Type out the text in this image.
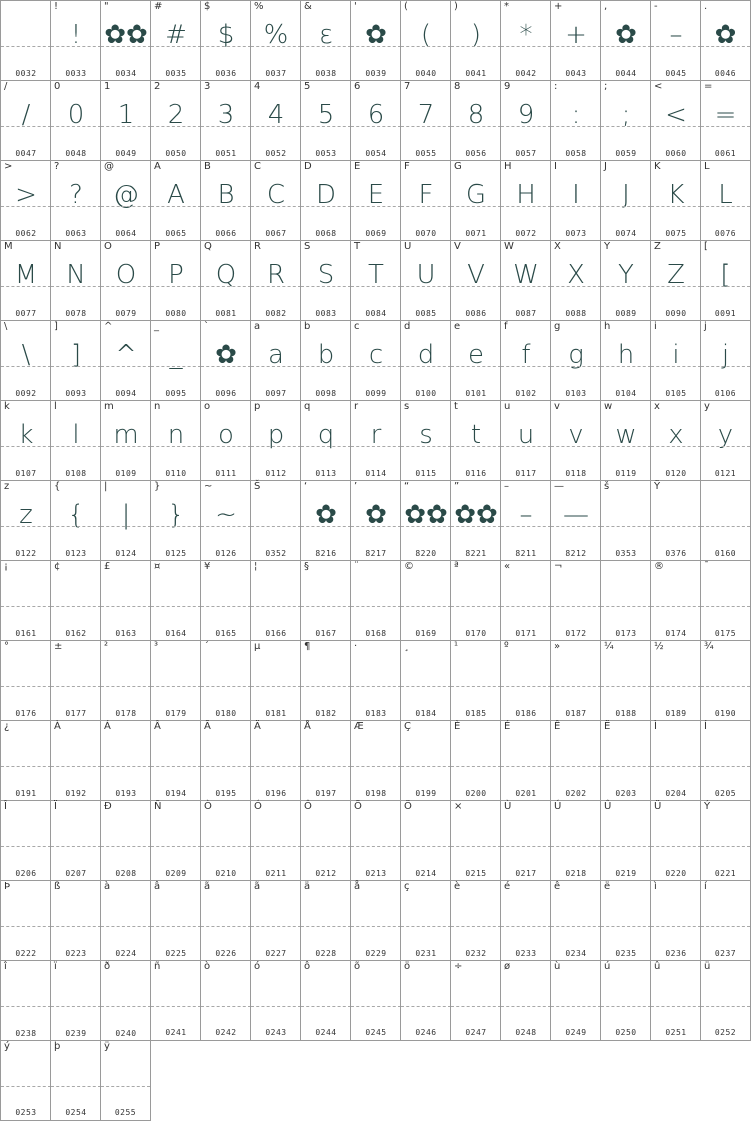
0032
!
!
0033
"
✿✿
0034
#
#
0035
$
$
0036
%
%
0037
&
ε
0038
'
✿
0039
(
(
0040
)
)
0041
*
*
0042
+
+
0043
,
✿
0044
-
–
0045
.
✿
0046
/
/
0047
0
0
0048
1
1
0049
2
2
0050
3
3
0051
4
4
0052
5
5
0053
6
6
0054
7
7
0055
8
8
0056
9
9
0057
:
:
0058
;
;
0059
<
<
0060
=
=
0061
>
>
0062
?
?
0063
@
@
0064
A
A
0065
B
B
0066
C
C
0067
D
D
0068
E
E
0069
F
F
0070
G
G
0071
H
H
0072
I
I
0073
J
J
0074
K
K
0075
L
L
0076
M
M
0077
N
N
0078
O
O
0079
P
P
0080
Q
Q
0081
R
R
0082
S
S
0083
T
T
0084
U
U
0085
V
V
0086
W
W
0087
X
X
0088
Y
Y
0089
Z
Z
0090
[
[
0091
\
\
0092
]
]
0093
^
^
0094
_
_
0095
`
✿
0096
a
a
0097
b
b
0098
c
c
0099
d
d
0100
e
e
0101
f
f
0102
g
g
0103
h
h
0104
i
i
0105
j
j
0106
k
k
0107
l
l
0108
m
m
0109
n
n
0110
o
o
0111
p
p
0112
q
q
0113
r
r
0114
s
s
0115
t
t
0116
u
u
0117
v
v
0118
w
w
0119
x
x
0120
y
y
0121
z
z
0122
{
{
0123
|
|
0124
}
}
0125
~
~
0126
Š
0352
‘
✿
8216
’
✿
8217
“
✿✿
8220
”
✿✿
8221
–
–
8211
—
—
8212
š
0353
Ÿ
0376	0160
¡
0161
¢
0162
£
0163
¤
0164
¥
0165
¦
0166
§
0167
¨
0168
©
0169
ª
0170
«
0171
¬
0172	0173
®
0174
¯
0175
°
0176
±
0177
²
0178
³
0179
´
0180
µ
0181
¶
0182
·
0183
¸
0184
¹
0185
º
0186
»
0187
¼
0188
½
0189
¾
0190
¿
0191
À
0192
Á
0193
Â
0194
Ã
0195
Ä
0196
Å
0197
Æ
0198
Ç
0199
È
0200
É
0201
Ê
0202
Ë
0203
Ì
0204
Í
0205
Î
0206
Ï
0207
Ð
0208
Ñ
0209
Ò
0210
Ó
0211
Ô
0212
Õ
0213
Ö
0214
×
0215
Ù
0217
Ú
0218
Û
0219
Ü
0220
Ý
0221
Þ
0222
ß
0223
à
0224
â
0225
ã
0226
ã
0227
ä
0228
å
0229
ç
0231
è
0232
é
0233
ê
0234
ë
0235
ì
0236
í
0237
î
0238
ï
0239
ð
0240
ñ
0241
ò
0242
ó
0243
ô
0244
õ
0245
ö
0246
÷
0247
ø
0248
ù
0249
ú
0250
û
0251
ü
0252
ý
0253
þ
0254
ÿ
0255
